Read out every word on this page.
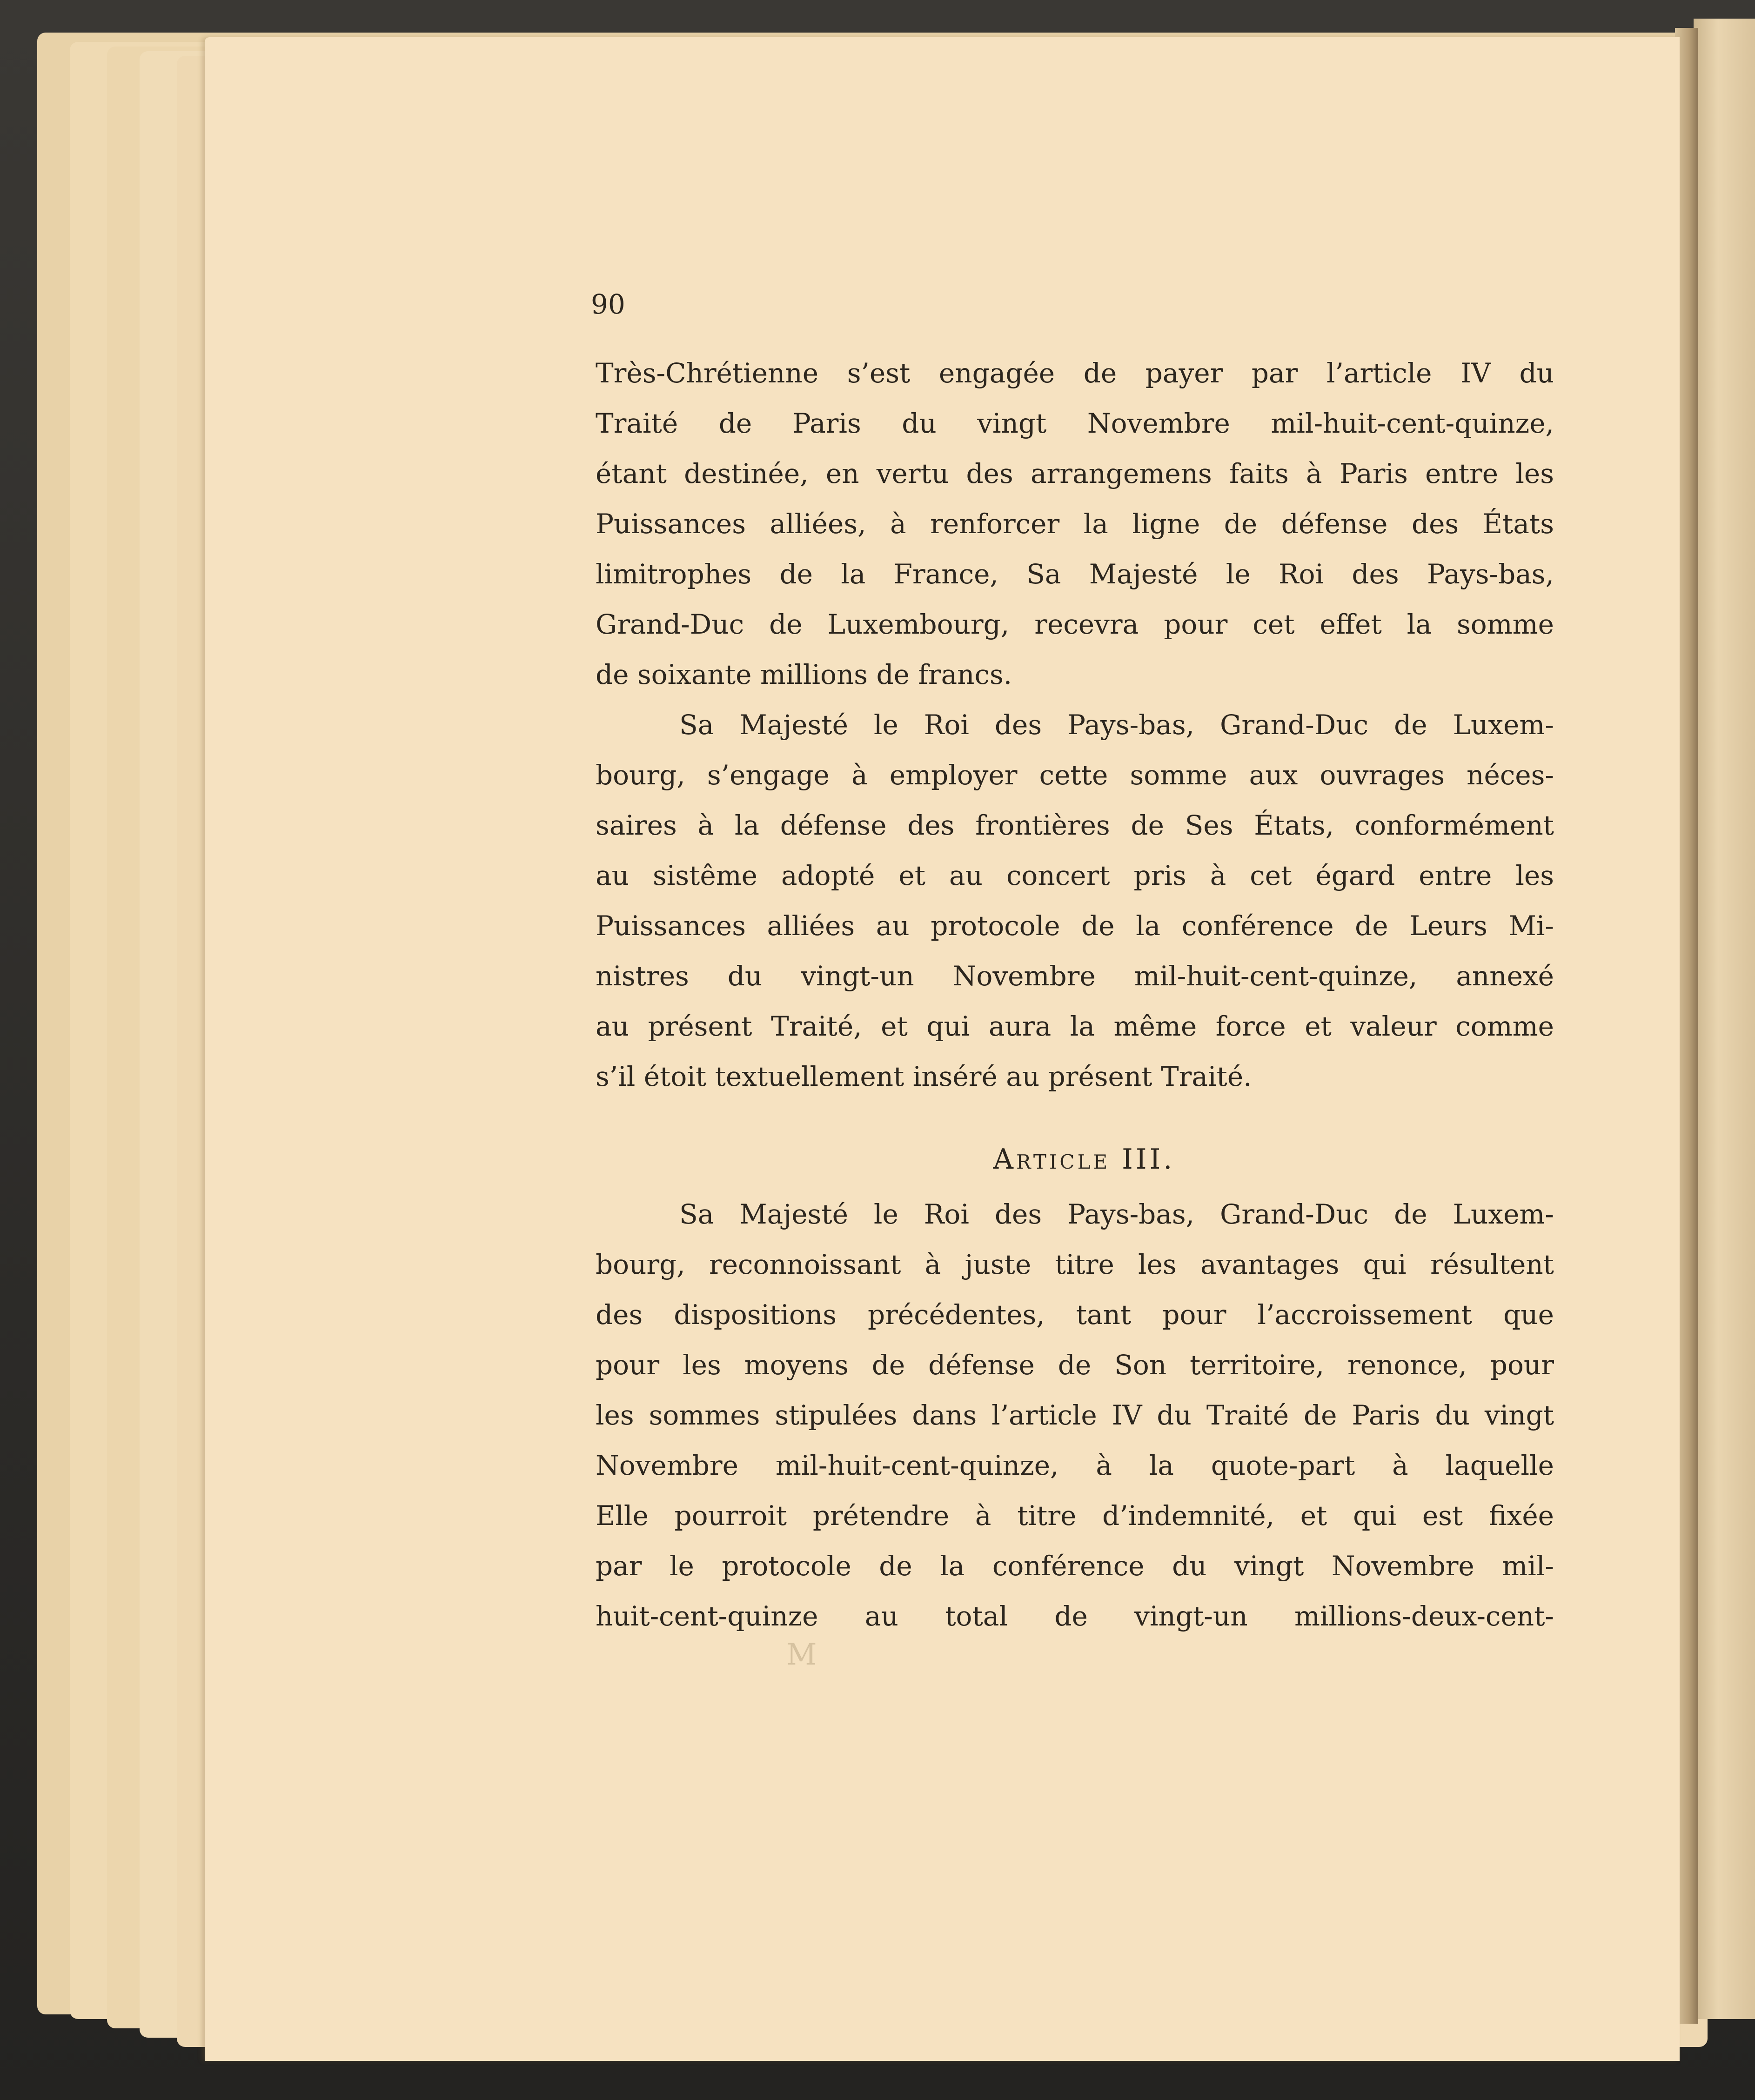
90
Très-Chrétienne s’est engagée de payer par l’article IV du
Traité de Paris du vingt Novembre mil-huit-cent-quinze,
étant destinée, en vertu des arrangemens faits à Paris entre les
Puissances alliées, à renforcer la ligne de défense des États
limitrophes de la France, Sa Majesté le Roi des Pays-bas,
Grand-Duc de Luxembourg, recevra pour cet effet la somme
de soixante millions de francs.
Sa Majesté le Roi des Pays-bas, Grand-Duc de Luxem-
bourg, s’engage à employer cette somme aux ouvrages néces-
saires à la défense des frontières de Ses États, conformément
au sistême adopté et au concert pris à cet égard entre les
Puissances alliées au protocole de la conférence de Leurs Mi-
nistres du vingt-un Novembre mil-huit-cent-quinze, annexé
au présent Traité, et qui aura la même force et valeur comme
s’il étoit textuellement inséré au présent Traité.
Article III.
Sa Majesté le Roi des Pays-bas, Grand-Duc de Luxem-
bourg, reconnoissant à juste titre les avantages qui résultent
des dispositions précédentes, tant pour l’accroissement que
pour les moyens de défense de Son territoire, renonce, pour
les sommes stipulées dans l’article IV du Traité de Paris du vingt
Novembre mil-huit-cent-quinze, à la quote-part à laquelle
Elle pourroit prétendre à titre d’indemnité, et qui est fixée
par le protocole de la conférence du vingt Novembre mil-
huit-cent-quinze au total de vingt-un millions-deux-cent-
M
